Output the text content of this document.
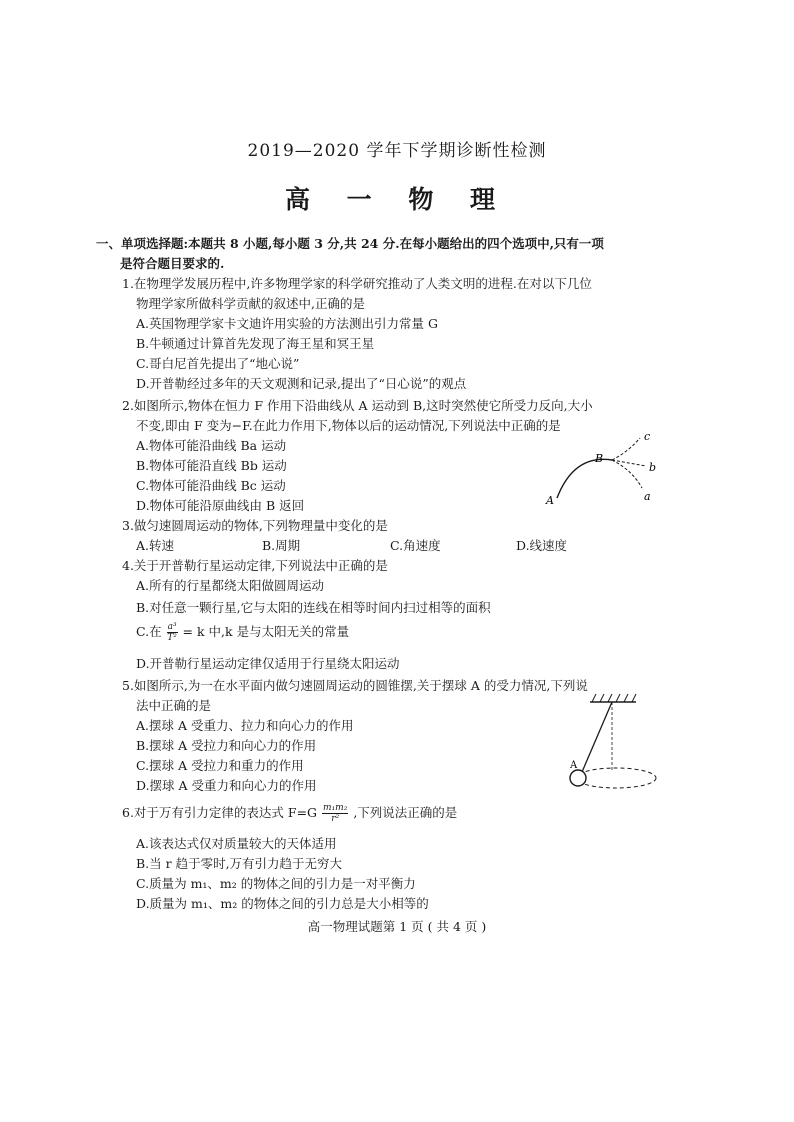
2019—2020 学年下学期诊断性检测
高 一 物 理
一、单项选择题:本题共 8 小题,每小题 3 分,共 24 分.在每小题给出的四个选项中,只有一项
是符合题目要求的.
1.在物理学发展历程中,许多物理学家的科学研究推动了人类文明的进程.在对以下几位
物理学家所做科学贡献的叙述中,正确的是
A.英国物理学家卡文迪许用实验的方法测出引力常量 G
B.牛顿通过计算首先发现了海王星和冥王星
C.哥白尼首先提出了“地心说”
D.开普勒经过多年的天文观测和记录,提出了“日心说”的观点
2.如图所示,物体在恒力 F 作用下沿曲线从 A 运动到 B,这时突然使它所受力反向,大小
不变,即由 F 变为−F.在此力作用下,物体以后的运动情况,下列说法中正确的是
A.物体可能沿曲线 Ba 运动
B.物体可能沿直线 Bb 运动
C.物体可能沿曲线 Bc 运动
D.物体可能沿原曲线由 B 返回
c
b
a
B
A
3.做匀速圆周运动的物体,下列物理量中变化的是
A.转速	B.周期	C.角速度	D.线速度
4.关于开普勒行星运动定律,下列说法中正确的是
A.所有的行星都绕太阳做圆周运动
B.对任意一颗行星,它与太阳的连线在相等时间内扫过相等的面积
C.在 $\frac{\text{a³}}{\text{T²}} = k$ 中,k 是与太阳无关的常量
D.开普勒行星运动定律仅适用于行星绕太阳运动
5.如图所示,为一在水平面内做匀速圆周运动的圆锥摆,关于摆球 A 的受力情况,下列说
法中正确的是
A.摆球 A 受重力、拉力和向心力的作用
B.摆球 A 受拉力和向心力的作用
C.摆球 A 受拉力和重力的作用
D.摆球 A 受重力和向心力的作用
A
6.对于万有引力定律的表达式 $F=G \frac{\text{m₁m₂}}{\text{r²}}$ ,下列说法正确的是
A.该表达式仅对质量较大的天体适用
B.当 r 趋于零时,万有引力趋于无穷大
C.质量为 m₁、m₂ 的物体之间的引力是一对平衡力
D.质量为 m₁、m₂ 的物体之间的引力总是大小相等的
高一物理试题第 1 页 ( 共 4 页 )
